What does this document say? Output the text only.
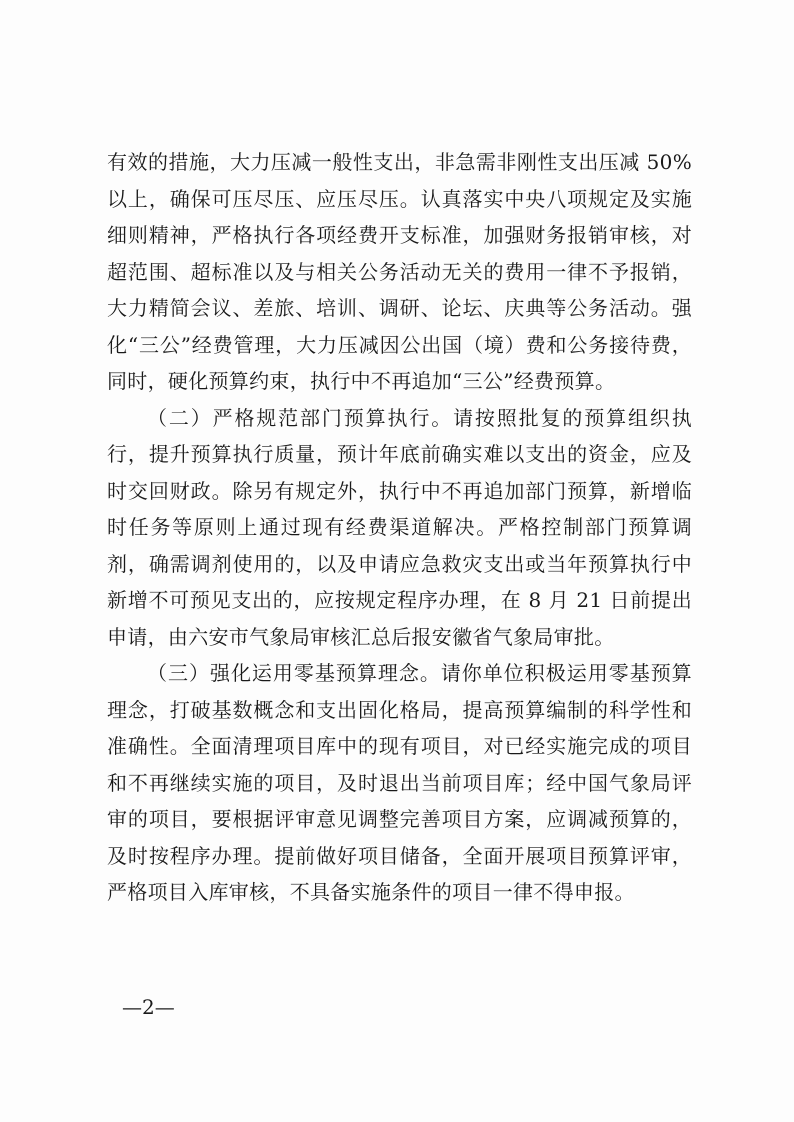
有效的措施，大力压减一般性支出，非急需非刚性支出压减 50%以上，确保可压尽压、应压尽压。认真落实中央八项规定及实施细则精神，严格执行各项经费开支标准，加强财务报销审核，对超范围、超标准以及与相关公务活动无关的费用一律不予报销，大力精简会议、差旅、培训、调研、论坛、庆典等公务活动。强化“三公”经费管理，大力压减因公出国（境）费和公务接待费，同时，硬化预算约束，执行中不再追加“三公”经费预算。

（二）严格规范部门预算执行。请按照批复的预算组织执行，提升预算执行质量，预计年底前确实难以支出的资金，应及时交回财政。除另有规定外，执行中不再追加部门预算，新增临时任务等原则上通过现有经费渠道解决。严格控制部门预算调剂，确需调剂使用的，以及申请应急救灾支出或当年预算执行中新增不可预见支出的，应按规定程序办理，在 8 月 21 日前提出申请，由六安市气象局审核汇总后报安徽省气象局审批。

（三）强化运用零基预算理念。请你单位积极运用零基预算理念，打破基数概念和支出固化格局，提高预算编制的科学性和准确性。全面清理项目库中的现有项目，对已经实施完成的项目和不再继续实施的项目，及时退出当前项目库；经中国气象局评审的项目，要根据评审意见调整完善项目方案，应调减预算的，及时按程序办理。提前做好项目储备，全面开展项目预算评审，严格项目入库审核，不具备实施条件的项目一律不得申报。

—2—
